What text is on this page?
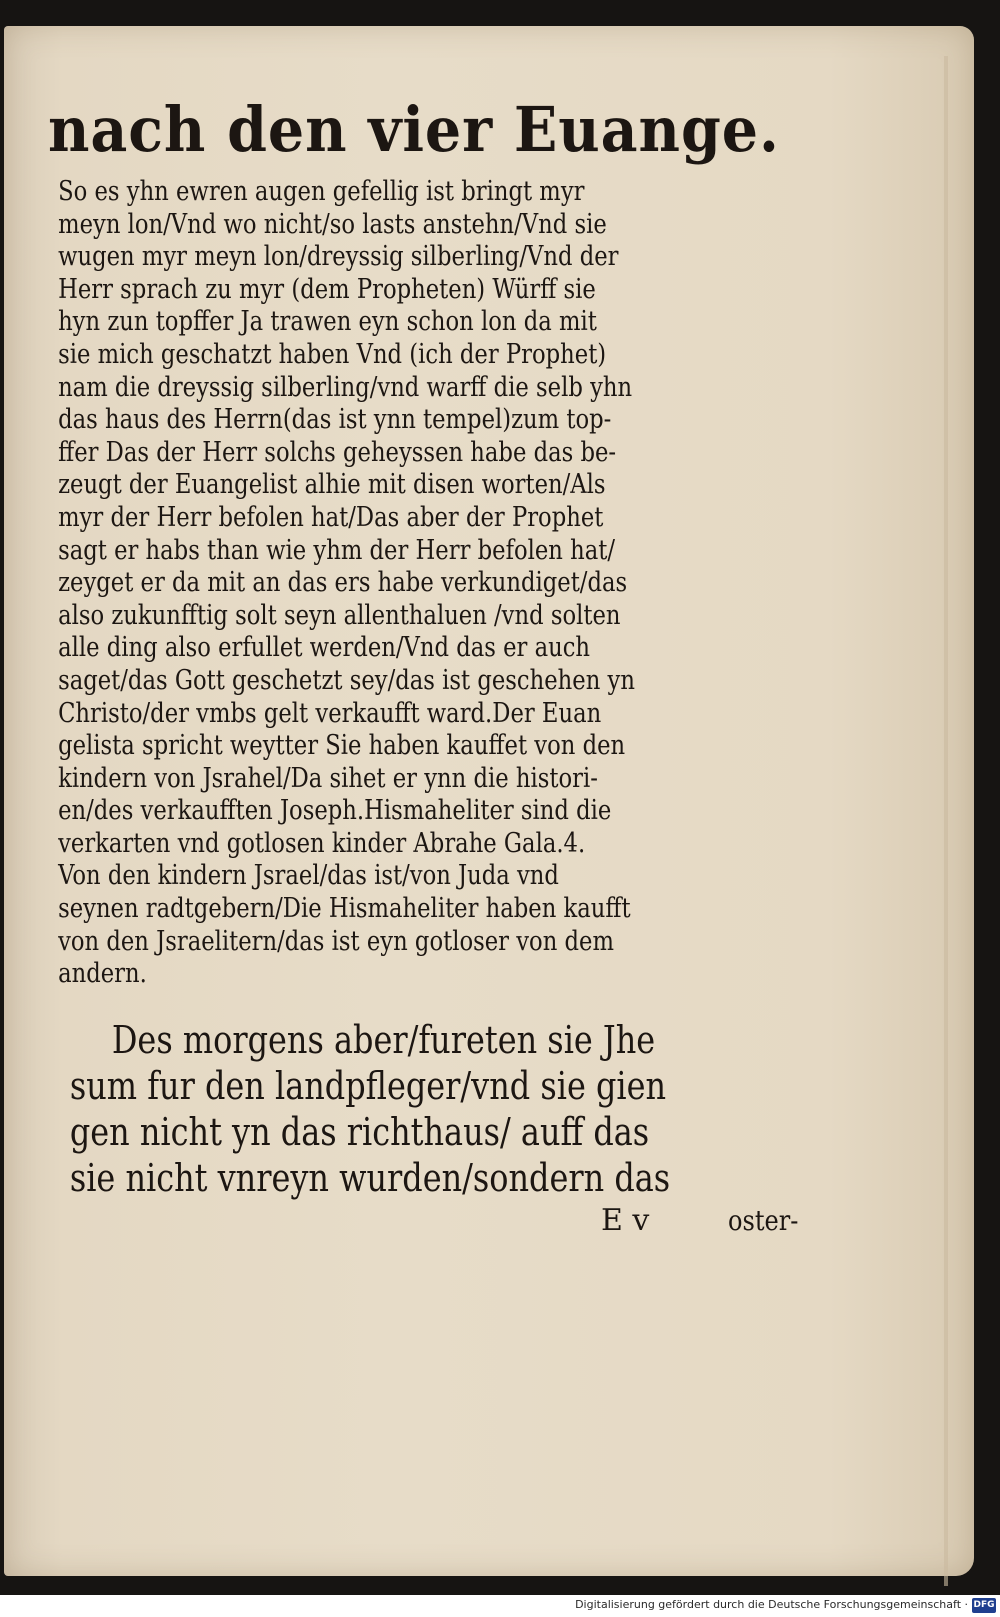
nach den vier Euange.
So es yhn ewren augen gefellig ist bringt myr
meyn lon/Vnd wo nicht/so lasts anstehn/Vnd sie
wugen myr meyn lon/dreyssig silberling/Vnd der
Herr sprach zu myr (dem Propheten) Würff sie
hyn zun topffer Ja trawen eyn schon lon da mit
sie mich geschatzt haben Vnd (ich der Prophet)
nam die dreyssig silberling/vnd warff die selb yhn
das haus des Herrn(das ist ynn tempel)zum top‑
ffer Das der Herr solchs geheyssen habe das be‑
zeugt der Euangelist alhie mit disen worten/Als
myr der Herr befolen hat/Das aber der Prophet
sagt er habs than wie yhm der Herr befolen hat/
zeyget er da mit an das ers habe verkundiget/das
also zukunfftig solt seyn allenthaluen /vnd solten
alle ding also erfullet werden/Vnd das er auch
saget/das Gott geschetzt sey/das ist geschehen yn
Christo/der vmbs gelt verkaufft ward.Der Euan
gelista spricht weytter Sie haben kauffet von den
kindern von Jsrahel/Da sihet er ynn die histori‑
en/des verkaufften Joseph.Hismaheliter sind die
verkarten vnd gotlosen kinder Abrahe Gala.4.
Von den kindern Jsrael/das ist/von Juda vnd
seynen radtgebern/Die Hismaheliter haben kaufft
von den Jsraelitern/das ist eyn gotloser von dem
andern.
Des morgens aber/fureten sie Jhe
sum fur den landpfleger/vnd sie gien
gen nicht yn das richthaus/ auff das
sie nicht vnreyn wurden/sondern das
E v	oster‑
Digitalisierung gefördert durch die Deutsche Forschungsgemeinschaft · DFG
